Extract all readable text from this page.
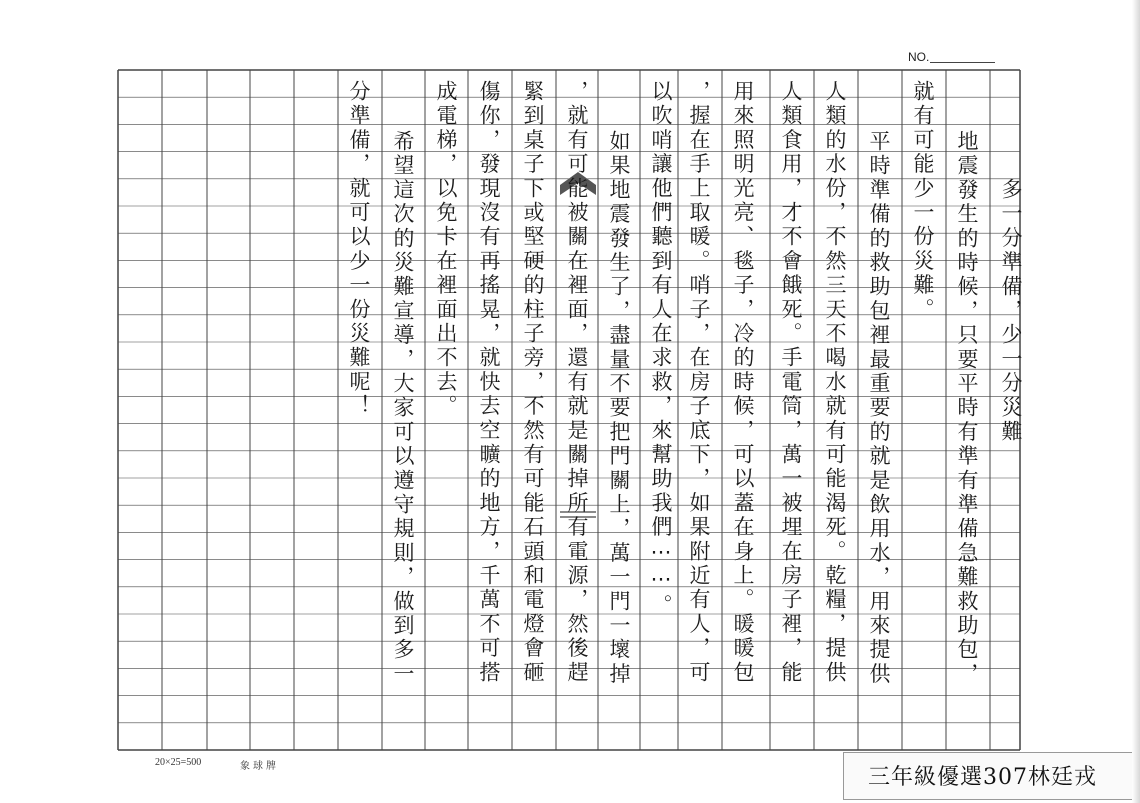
NO.
多一分準備，少一分災難
地震發生的時候，只要平時有準有準備急難救助包，
就有可能少一份災難。
平時準備的救助包裡最重要的就是飲用水，用來提供
人類的水份，不然三天不喝水就有可能渴死。乾糧，提供
人類食用，才不會餓死。手電筒，萬一被埋在房子裡，能
用來照明光亮、毯子，冷的時候，可以蓋在身上。暖暖包
，握在手上取暖。哨子，在房子底下，如果附近有人，可
以吹哨讓他們聽到有人在求救，來幫助我們⋯⋯。
如果地震發生了，盡量不要把門關上，萬一門一壞掉
，就有可能被關在裡面，還有就是關掉所有電源，然後趕
緊到桌子下或堅硬的柱子旁，不然有可能石頭和電燈會砸
傷你，發現沒有再搖晃，就快去空曠的地方，千萬不可搭
成電梯，以免卡在裡面出不去。
希望這次的災難宣導，大家可以遵守規則，做到多一
分準備，就可以少一份災難呢！
20×25=500	象球牌	三年級優選307林廷戎
